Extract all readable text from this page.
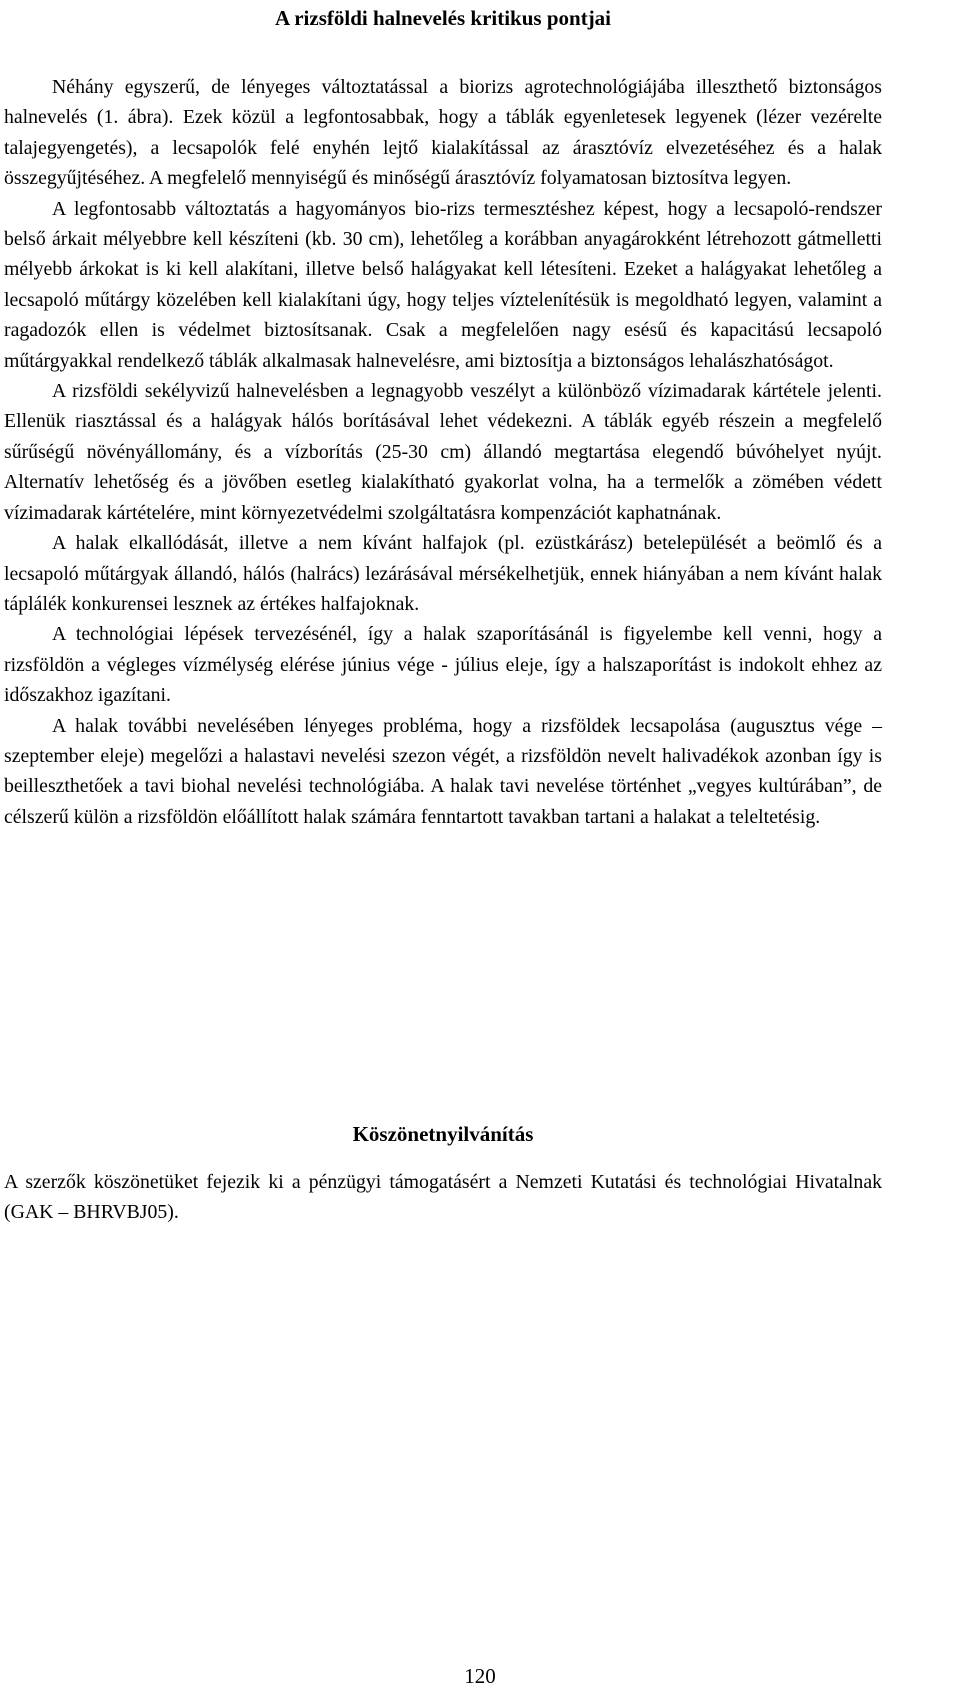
A rizsföldi halnevelés kritikus pontjai

Néhány egyszerű, de lényeges változtatással a biorizs agrotechnológiájába illeszthető biztonságos halnevelés (1. ábra). Ezek közül a legfontosabbak, hogy a táblák egyenletesek legyenek (lézer vezérelte talajegyengetés), a lecsapolók felé enyhén lejtő kialakítással az árasztóvíz elvezetéséhez és a halak összegyűjtéséhez. A megfelelő mennyiségű és minőségű árasztóvíz folyamatosan biztosítva legyen.

A legfontosabb változtatás a hagyományos bio-rizs termesztéshez képest, hogy a lecsapoló-rendszer belső árkait mélyebbre kell készíteni (kb. 30 cm), lehetőleg a korábban anyagárokként létrehozott gátmelletti mélyebb árkokat is ki kell alakítani, illetve belső halágyakat kell létesíteni. Ezeket a halágyakat lehetőleg a lecsapoló műtárgy közelében kell kialakítani úgy, hogy teljes víztelenítésük is megoldható legyen, valamint a ragadozók ellen is védelmet biztosítsanak. Csak a megfelelően nagy esésű és kapacitású lecsapoló műtárgyakkal rendelkező táblák alkalmasak halnevelésre, ami biztosítja a biztonságos lehalászhatóságot.

A rizsföldi sekélyvizű halnevelésben a legnagyobb veszélyt a különböző vízimadarak kártétele jelenti. Ellenük riasztással és a halágyak hálós borításával lehet védekezni. A táblák egyéb részein a megfelelő sűrűségű növényállomány, és a vízborítás (25-30 cm) állandó megtartása elegendő búvóhelyet nyújt. Alternatív lehetőség és a jövőben esetleg kialakítható gyakorlat volna, ha a termelők a zömében védett vízimadarak kártételére, mint környezetvédelmi szolgáltatásra kompenzációt kaphatnának.

A halak elkallódását, illetve a nem kívánt halfajok (pl. ezüstkárász) betelepülését a beömlő és a lecsapoló műtárgyak állandó, hálós (halrács) lezárásával mérsékelhetjük, ennek hiányában a nem kívánt halak táplálék konkurensei lesznek az értékes halfajoknak.

A technológiai lépések tervezésénél, így a halak szaporításánál is figyelembe kell venni, hogy a rizsföldön a végleges vízmélység elérése június vége - július eleje, így a halszaporítást is indokolt ehhez az időszakhoz igazítani.

A halak további nevelésében lényeges probléma, hogy a rizsföldek lecsapolása (augusztus vége – szeptember eleje) megelőzi a halastavi nevelési szezon végét, a rizsföldön nevelt halivadékok azonban így is beilleszthetőek a tavi biohal nevelési technológiába. A halak tavi nevelése történhet „vegyes kultúrában”, de célszerű külön a rizsföldön előállított halak számára fenntartott tavakban tartani a halakat a teleltetésig.

Köszönetnyilvánítás

A szerzők köszönetüket fejezik ki a pénzügyi támogatásért a Nemzeti Kutatási és technológiai Hivatalnak (GAK – BHRVBJ05).

120
